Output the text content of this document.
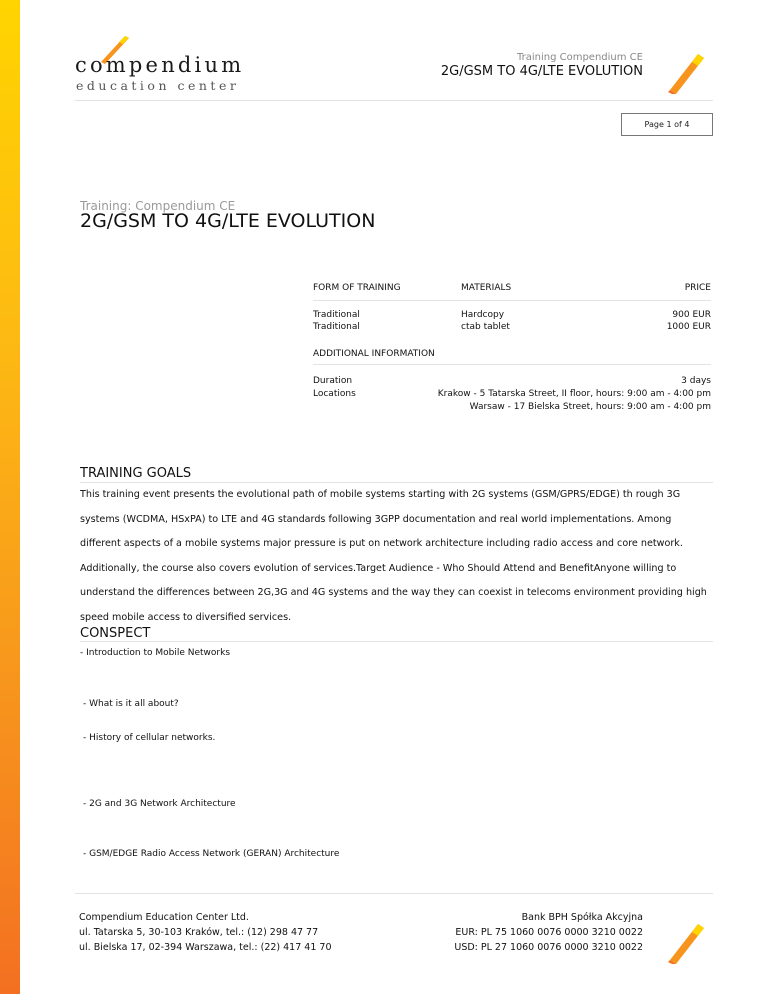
compendium
education center
Training Compendium CE
2G/GSM TO 4G/LTE EVOLUTION
Page 1 of 4
Training: Compendium CE
2G/GSM TO 4G/LTE EVOLUTION
FORM OF TRAINING	MATERIALS	PRICE
Traditional	Hardcopy	900 EUR
Traditional	ctab tablet	1000 EUR
ADDITIONAL INFORMATION
Duration	3 days
Locations	Krakow - 5 Tatarska Street, II floor, hours: 9:00 am - 4:00 pm
Warsaw - 17 Bielska Street, hours: 9:00 am - 4:00 pm
TRAINING GOALS

This training event presents the evolutional path of mobile systems starting with 2G systems (GSM/GPRS/EDGE) th rough 3G systems (WCDMA, HSxPA) to LTE and 4G standards following 3GPP documentation and real world implementations. Among different aspects of a mobile systems major pressure is put on network architecture including radio access and core network. Additionally, the course also covers evolution of services.Target Audience - Who Should Attend and BenefitAnyone willing to understand the differences between 2G,3G and 4G systems and the way they can coexist in telecoms environment providing high speed mobile access to diversified services.

CONSPECT
- Introduction to Mobile Networks
- What is it all about?
- History of cellular networks.
- 2G and 3G Network Architecture
- GSM/EDGE Radio Access Network (GERAN) Architecture
Compendium Education Center Ltd.
ul. Tatarska 5, 30-103 Kraków, tel.: (12) 298 47 77
ul. Bielska 17, 02-394 Warszawa, tel.: (22) 417 41 70
Bank BPH Spółka Akcyjna
EUR: PL 75 1060 0076 0000 3210 0022
USD: PL 27 1060 0076 0000 3210 0022
